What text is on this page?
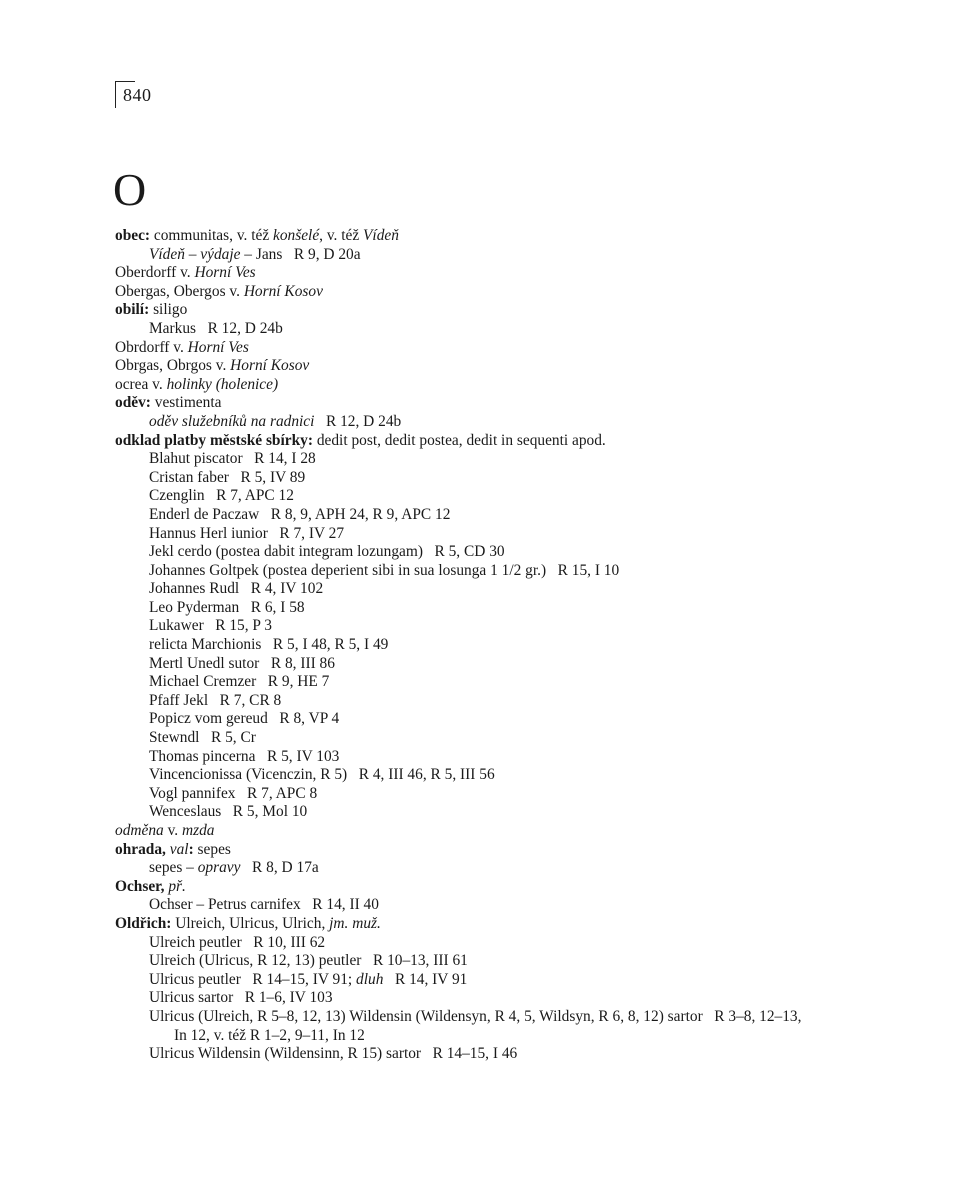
840
O
obec: communitas, v. též konšelé, v. též Vídeň
Vídeň – výdaje – Jans   R 9, D 20a
Oberdorff v. Horní Ves
Obergas, Obergos v. Horní Kosov
obilí: siligo
Markus   R 12, D 24b
Obrdorff v. Horní Ves
Obrgas, Obrgos v. Horní Kosov
ocrea v. holinky (holenice)
oděv: vestimenta
oděv služebníků na radnici   R 12, D 24b
odklad platby městské sbírky: dedit post, dedit postea, dedit in sequenti apod.
Blahut piscator   R 14, I 28
Cristan faber   R 5, IV 89
Czenglin   R 7, APC 12
Enderl de Paczaw   R 8, 9, APH 24, R 9, APC 12
Hannus Herl iunior   R 7, IV 27
Jekl cerdo (postea dabit integram lozungam)   R 5, CD 30
Johannes Goltpek (postea deperient sibi in sua losunga 1 1/2 gr.)   R 15, I 10
Johannes Rudl   R 4, IV 102
Leo Pyderman   R 6, I 58
Lukawer   R 15, P 3
relicta Marchionis   R 5, I 48, R 5, I 49
Mertl Unedl sutor   R 8, III 86
Michael Cremzer   R 9, HE 7
Pfaff Jekl   R 7, CR 8
Popicz vom gereud   R 8, VP 4
Stewndl   R 5, Cr
Thomas pincerna   R 5, IV 103
Vincencionissa (Vicenczin, R 5)   R 4, III 46, R 5, III 56
Vogl pannifex   R 7, APC 8
Wenceslaus   R 5, Mol 10
odměna v. mzda
ohrada, val: sepes
sepes – opravy   R 8, D 17a
Ochser, př.
Ochser – Petrus carnifex   R 14, II 40
Oldřich: Ulreich, Ulricus, Ulrich, jm. muž.
Ulreich peutler   R 10, III 62
Ulreich (Ulricus, R 12, 13) peutler   R 10–13, III 61
Ulricus peutler   R 14–15, IV 91; dluh   R 14, IV 91
Ulricus sartor   R 1–6, IV 103
Ulricus (Ulreich, R 5–8, 12, 13) Wildensin (Wildensyn, R 4, 5, Wildsyn, R 6, 8, 12) sartor   R 3–8, 12–13,
In 12, v. též R 1–2, 9–11, In 12
Ulricus Wildensin (Wildensinn, R 15) sartor   R 14–15, I 46
